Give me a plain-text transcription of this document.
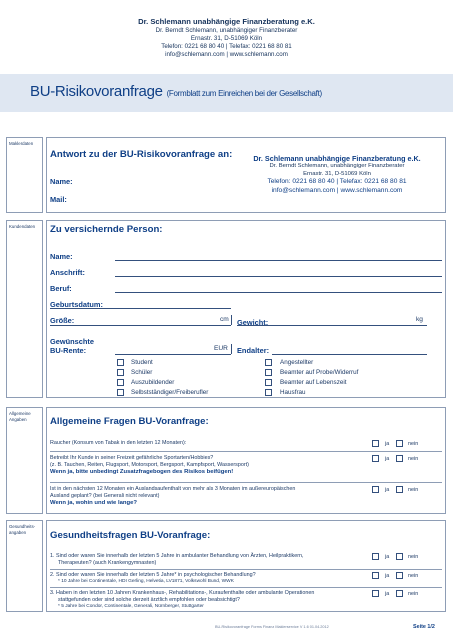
Dr. Schlemann unabhängige Finanzberatung e.K.
Dr. Berndt Schlemann, unabhängiger Finanzberater
Ernastr. 31, D-51069 Köln
Telefon: 0221 68 80 40 | Telefax: 0221 68 80 81
info@schlemann.com | www.schlemann.com
BU-Risikovoranfrage (Formblatt zum Einreichen bei der Gesellschaft)
Maklerdaten
Antwort zu der BU-Risikovoranfrage an:
Name:
Mail:
Dr. Schlemann unabhängige Finanzberatung e.K.
Dr. Berndt Schlemann, unabhängiger Finanzberater
Ernastr. 31, D-51069 Köln
Telefon: 0221 68 80 40 | Telefax: 0221 68 80 81
info@schlemann.com | www.schlemann.com
Kundendaten	Zu versichernde Person:
Name:
Anschrift:
Beruf:
Geburtsdatum:
Größe:	cm Gewicht:	kg
Gewünschte
BU-Rente:	EUR Endalter:
Student
Schüler
Auszubildender
Selbstständiger/Freiberufler
Angestellter
Beamter auf Probe/Widerruf
Beamter auf Lebenszeit
Hausfrau
Allgemeine
Angaben	Allgemeine Fragen BU-Voranfrage:
Raucher (Konsum von Tabak in den letzten 12 Monaten):	ja	nein
Betreibt Ihr Kunde in seiner Freizeit gefährliche Sportarten/Hobbies?
(z. B. Tauchen, Reiten, Flugsport, Motorsport, Bergsport, Kampfsport, Wassersport)
Wenn ja, bitte unbedingt Zusatzfragebogen des Risikos beifügen!
ja	nein
Ist in den nächsten 12 Monaten ein Auslandsaufenthalt von mehr als 3 Monaten im außereuropäischen
Ausland geplant? (bei Generali nicht relevant)
Wenn ja, wohin und wie lange?
ja	nein
Gesundheits-
angaben	Gesundheitsfragen BU-Voranfrage:
1. Sind oder waren Sie innerhalb der letzten 5 Jahre in ambulanter Behandlung von Ärzten, Heilpraktikern,
Therapeuten? (auch Krankengymnasten)
ja	nein
2. Sind oder waren Sie innerhalb der letzten 5 Jahre* in psychologischer Behandlung?
* 10 Jahre bei Continentale, HDI Gerling, Helvetia, LV1871, Volkswohl Bund, WWK
ja	nein
3. Haben in den letzten 10 Jahren Krankenhaus-, Rehabilitations-, Kuraufenthalte oder ambulante Operationen
stattgefunden oder sind solche derzeit ärztlich empfohlen oder beabsichtigt?
* 5 Jahre bei Condor, Continentale, Generali, Nürnberger, Stuttgarter
ja	nein
BU-Risikovoranfrage Forms Finanz Maklerservice V 1.6 01.04.2012	Seite 1/2
